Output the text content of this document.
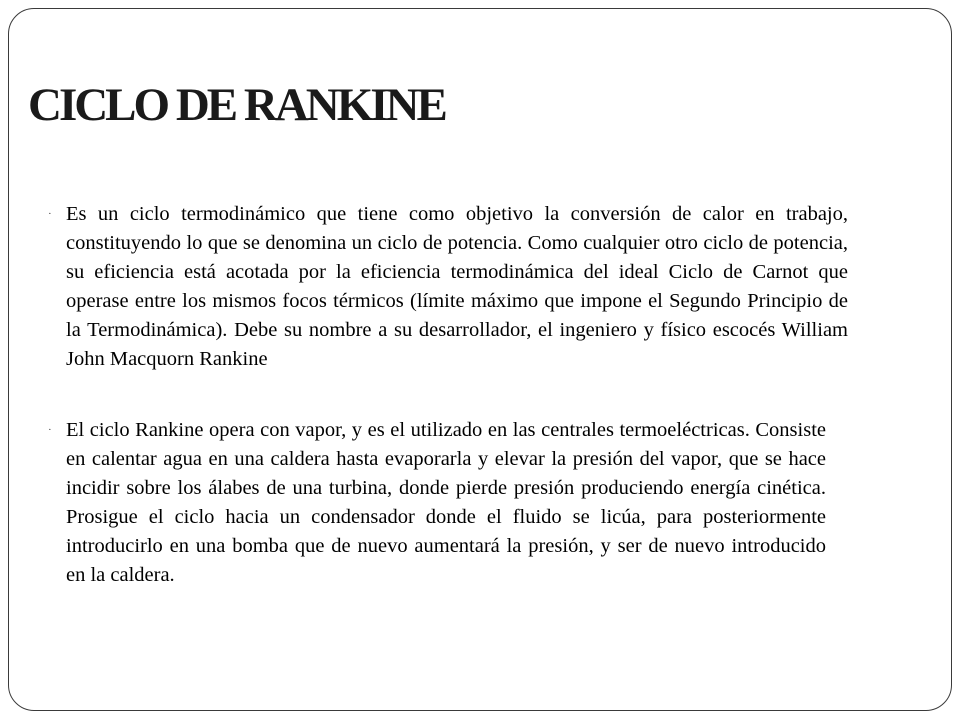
CICLO DE RANKINE
· Es un ciclo termodinámico que tiene como objetivo la conversión de calor en trabajo, constituyendo lo que se denomina un ciclo de potencia. Como cualquier otro ciclo de potencia, su eficiencia está acotada por la eficiencia termodinámica del ideal Ciclo de Carnot que operase entre los mismos focos térmicos (límite máximo que impone el Segundo Principio de la Termodinámica). Debe su nombre a su desarrollador, el ingeniero y físico escocés William John Macquorn Rankine
· El ciclo Rankine opera con vapor, y es el utilizado en las centrales termoeléctricas. Consiste en calentar agua en una caldera hasta evaporarla y elevar la presión del vapor, que se hace incidir sobre los álabes de una turbina, donde pierde presión produciendo energía cinética. Prosigue el ciclo hacia un condensador donde el fluido se licúa, para posteriormente introducirlo en una bomba que de nuevo aumentará la presión, y ser de nuevo introducido en la caldera.
